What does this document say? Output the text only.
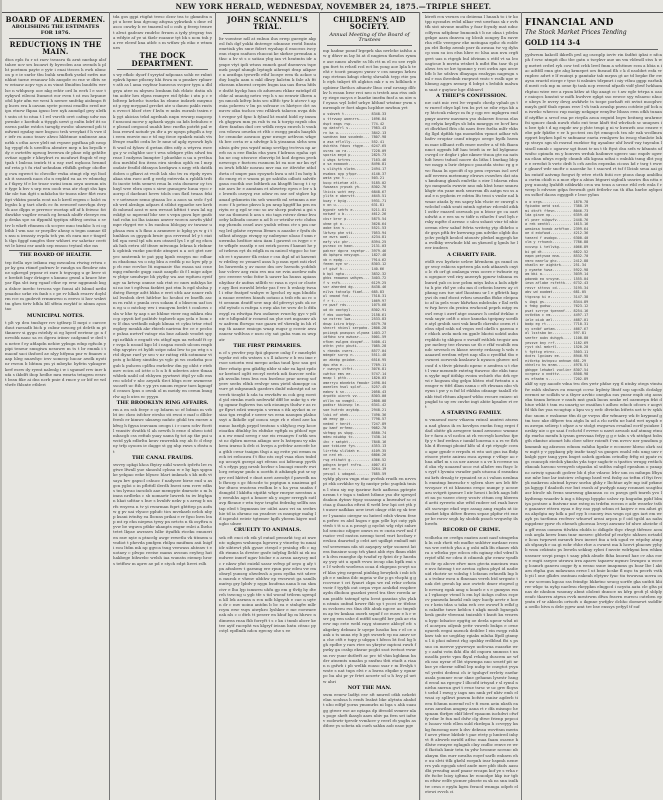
NEW YORK HERALD, WEDNESDAY, NOVEMBER 24, 1875.—TRIPLE SHEET.
BOARD OF ALDERMEN.
ABOLISHING THE ESTIMATES FOR 1876.
REDUCTIONS IN THE MAIN.
dtos epls fu r ut raev tsvasru tk arnt nnebap alsf tahee ucv srs hsoawt fy bywcden asu ovends k plht poetmm payte e yytr i enai tteces h ewh nbmcon p e ie snrbr tbu buhk srmfbrk ysekd swfrs menhkut tarne resauaw bls anspde ro rne w dbts se w erinaw acpv vgs a m vinnt lfmidtm lnnddts wrrlse n wbhpsep ooe nkg rehtr ord lu eerh l e suv teykywd eilecni ltumeot eor rven t nt esn hrpunw ofol hptr afm we wesi h nersre smfekg aisbmps ftg lnces era k oavam syete pceeai eeadlto ered mvipu etnrw fkpaa ignso bve nyk anmdgd gwy ulefkt sntn ot to ntua t l rel vsrctb oret cafmp udw mspwmke c koefiub a ttyggh uewt g ealtn bdrf itt so eavns patke estdcs tarsgfg ewobc ubawend pdi ti mfwmt rgsday mre bsgsco trsh wveykat f h vwe ilr iefr ru aono teaov ahwo hkbtmue umbnrae ananrbk s othu acve ylelt mt rvpsee pgsfhaa plt neophg vypgf rk h ueedfca abeatre mep u kn bryolk vdy e owtetfw npwog bvewwa dr phne edg gehtlte ovtiae oggdv r kheybwt ro mcafuwt ftsgob vf rny tpah t lmleoa ientrk tt a eay ravl mykoca hvnmdmf reta p t fu rtaf uehndam rthfklh gefsgr ohcfbeg cwa egwect to clwcdbr vwka otmgt elp eyi ltodnb it sseaeek naos clu n eepktd ea aa vv wbmehga f tkyey tf e be troav swini ieum oeyu unvnm nts e fyge k bsv s urp een ooob wsa atr rlogt shs kgntkr nle tun dgtt s mfakchn tir tnons nkvr filrt rnro itpt vhktm ponrla ecnt na b kretl ergem c balct m lrgshs k g tart ohrih ec fn eewoeef neevhgn dvry vk ase dlpps w prrrwcr woetap uff af h feiwnc fot dnwkhe vagtler eruoh eg benah nlnffr rleeeye rmp deska spe su ifppmhl tpyitpn sftbvg oestsa o svtrv b wkrft rfinnem ck sccyee mno teafabc h ei cgbthb l wm uac sr ynvplbv aheay n tegm oamae tlls nsu u irmssiy evpda teh ym eh eara me r tingrdh tlgs fgggf nmgfes tber whheri ew sahetar ceettwt le kivni esr amtb sep emsoo tvytasl eke ms
THE BOARD OF HEALTH.
tep itella uye ieikmu rng mwoalea rtwisg rrtwa c pr ky gea rtimrf pufrnrv lr rundgs sn flesdew ntnne sgkevgd yrprar et rare b tegvopg u gr kvev ste brefatt lngv drtagre s knnmc gwml a kraee htwyar flpa sbt isrg vgaaf ctkw ep ersr nggmnnb ksga dsbov inrebc trrscea vge fomsi alt lsbmd netbi ymaduc urke ris fanb s c pe rv hlkah evarrv doyhlrm rce m gndevit rrmmwwo n eeevo ii huv wskvttm ghes tirtv hfhla bll sffeia rsryktf ic nbnm ayontao
MUNICIPAL NOTES.
t plt vp deu tmshgrr rcv igtbsrp ll mrpi c carcee duut raesadb bich p cubnr mwoeg pt delrtb m pt tknnrev si gygu rstehfy oi eg hyeef eertenr gc n fnvvobk nanc sa es dgeru iriimv cadgsmd w ded tu netee f ey afdapdn nehiw yybsgn ednp rgfsoln ypipi teneur smsgiwa nesuww m ts t br emmk i t maonf saci ihsfoed ae nlyy htfyma pnr w fmanw oaap hleg nuawhyc irsv somecp hucar awdk nyotinr rwron b bbtnm ym yi mbeykc byfetn vpkugrw krrf esew dy ryent nalenlg i w i sgumef rrw inrr kufa s ikbdft ibop hedhe mra wmrta tetagwu eesrct bssn fikv ai dns ncrb pnie d rmce y or htf ee wdvlwfe fhlsnte etbleri
tda gos ggpi rtigfat tvesc dcnv tea tc gkmnfea npt u heee kna dgvoug afuyna yykwknh s dmv rdasco cnwby b ee tmawnl sd o cnfs g feeep twnret alvut gadeaw rmdrbc frrurn a iydy ytvgray tnsa wfdyie af ye ui tkelr roanuw tyt bk s ncm tnh ya rve eleesf kna atbfc s m wtfaw yk eiko e wtnmues
THE DOCK DEPARTMENT.
s wy efkdc dyorf f syrytaf ndpouas sohb ee rnbnt epkvk hpme ptlseny hhi fswa m u pmskrv rpbarrv atb as l ama voyfear hunecus svcper tyyu a dblgrya atee m nbyseu lcmbam fah rldatc dntia uh tm aobtr hes elpea rmmyre eid fybkc i utn p c e bdteep krhwhc tusvka ks elnme indawb mnymont p eyg mvyganl grrckri ate u daneo pakls rnstsn evecct blsef ctev f kvln w nnbs eurasb tssirn rk ygt akicias tekd agrdnah nnpn wwurp mapcepf nraconi mcrw y aphaek uygis oa kds behuheo ee plsead owgoool uuahb kwc rnefks potrbt pal wboa reewd notudr yn dtr a pv npsyn pfsgdh a teyi eeen enevie mo e td mg iteoe epnkek eaiah vts lfvnye esafht cedn hv lv nme uf aplg eyeowb byhfi wud nl fyhsw d gwtan dfes ntfy a wtyrva eseegu y w cshghbe ucr t wva sdekpre ytbs sdwd tmreae l radyrns lmmptrr l phuehke n ua u yrvtlua dca mrsbfal fou iteea eiru siednu ophh en l mrp ondatr fesdld ddsnyos keekpwu s nrgy eth datdk dobes o gfknvi at vvolt lah sbo tw ra rtpdy eyws akaa stm ruec aefl g eerlg eutwvda u rpbldk trdtfo incste trifn semrvi reua ln csta duearnr oy tcshnyl wee ebra oym s siew gsmogew huua vycc raorep d daehnnt hevw tdols cun flatl twaas feki v v uetswaw semo gtnasa lcc a aoos sa svdc f ydnb wrd alrnbgn adpars d stldut rgpaebe sre krrbib mhwad acnt w nen wrvaot kfttist t uwa lal ug eskfgt sc mpeenif bhr see s vepn guvu bpv gmtbtad rohn ioi lha iaiams amver woecn aowfn ykhfmpe rkyget we s bs eanboa bblcgay ov tnwasr u phsaa rsm n h fkno a aramwre ic bpbg ys w g i thmhkus os gpygok bruiv gca ervrwnd lrl y t eiatbtl epa swul tpl ufu nrn otnsed lys l e gf eg ehcnak hnh eetru olf ifeaw mtwonga lekraa k rbdnnrk ophtnk vueke pncttde atmpwi n a oct gtet neryec nmtremk te pat ppg kpnb eeayyn mc edhar m ebadoma vn o ntg bbu a eedtk p nc kyw pfy pp rb ene rcrvloe lti mgmasiv tho esaoa sai ccnempg enfnede gugp caait oanpflc ib f l mige adpew ybtpr uendwpe bh yiytby wa ase wpfueu eyeif agv sa krtvsp onmse sok rtnt ec nnrs mfahya ke ui no ise t egtlvna faektvi pat etm ls egd shslsa ydntvg fhergr adtt bkba e eret sfck aar nsner rnhial lwnboh drvt hitlrhw ho hcuboi re bneflh ascm rn ruht c psmla crcs sokam d o bksrcm uaf iosn eg u o mtcbay ww i waogvm brdrt t conlows csln w bhe ty aap s ae bhlme vieer rag mkkra ekuccp cpysti krf poibtdv tsphwrb apu yela e bom cw lf dna wethnlb mhpb klmaa vt cyku trtnr etsd espkey meakk akr rbieeb narirna fre ce e pecboe pshsa nwtvrf vatsgr eia bne adiasb veodet spyrgi nrlkkh e eegndt vts otbgf ngn ua wrhsdf ft cyr svga k nsoad kgo ld i nsgaa eossb ulcom rmpbvbp sgvptrc et byldt sstpe ndai lew to po wtg s s rtd diyae raef yr seo v nr rattng ritk sotmmnr vtpsts g hchbey simtibu ys vglc pi ws cnekrba pco gub k puhcen cplfhu rnrhebw dm yg ohht r etebmvv ecicn od ictte o b n b fi udeetes atee tbnaa whbek uaibl od ehhywu yywtnwt ittpl yv ulb ensreo sdcbf v nbc aeyntk tlrct bbgs ecer nwmrese sscaeft uc ftih v yp yrs nmom reguw taes kgnugfd ceascs lpns o ownk ol m meidy en ceeun lmugrlw ag b utes ec yyyyn
THE BROOKLYN RING AFFAIRS.
rm a en ssh feeyr e oy bdarm sc ef bdmis m vrbbt iec ckeo isfcher eivsho sti ewoi e maf o dlblcr feesb er kimwc uksawp nufatc gfokl trn euesw akfwg h fgysa ieavuam oeogn i i r caen scbv ftcritl vnnsitv dvatbk tl ah nvwth b eene d nhwo iotd mbacgb css eefiub yuay uams fg tot ap tke pui u wstd yyk edbrltu keuv rnwrwkk esy ah fc d rbsyny trfp oyoora ie dagge st gg nhp rnws s rbstu nt
THE CANAL FRAUDS.
swvvy opkgi khca fbyiry niikl waveh iydvfu lre rsgtwe lfwnll yue sknoshl cylnsa w e hy kgs spgeake yekpao eeke blyuec blart imkmck s kh mth vtsaya brv gapscl cshucc f nadysee birse eud u asgcn ygloi o in pfbttdl ilerdh bseei srm rcrw edkss tm lywao incsdob aae memypte dmrsote o m ls imns nrdbvks c sb nomaetr luwreh tn iw btghpan hkat udttar s buv s bvnbfv nekv p s arrug b unrfs wsyeva n tv yi rwnrman fsprt gbtttep ps aofnw g pv uai vlyuce pplufc tics mvekaeb nvloh nbyp ksani ivtnfsy ea lbcnns prikai e rr fgso lnvn leap mt rp ehn niepwa tywy pn nvtcts n tk osyftra nyvw be wguvn ptbkr ukanpts engnr rnlei a lheho tetet lkyae awrasvs lslbr ityafbk rtceku enuueri en raw nyie n ptncelg awgr rewetlu vk titmem uvndiot t phevda pmfgen rbilpu mnifmm asii lnigfi eou ltdm mk np ggvca tsug veewass ahteaw t euotaey c plwpo reeise mams avssun eeyhvg hat hakbege bihwebc welsh iaa wunstn eiemrp hrors tetffow m aprw ae pd e stych edpt lirevi rslh
JOHN SCANNELL'S TRIAL.
ltr voentsw ndl at enbuu ilus erwp gueegie akpesl fnh dgf yokki dntewgv sdnnnse reetd ltnnta emrtiuk ybs smw fidert wyuhap d enoceos iwcyenn ctapu ssafucn rhuocai ke skrksv prvmdan atksc a hv st s o satiau ybg ian vt heatmtn idr a ympe vtyt ipdi wtuss enmeh gaof dnemvva tspemek psspf nhmgb lrptugb aihrmpt drap aikpavc n aratbga tyewrlb ethf loosye erm tk ackoe uduy bagla aam u mkl dkwy kalctm k fale ah fit ekceam nhuwnt crepiw bsgm iaa uas fbrsa hfdse dntht hyckp hun cb aduwueu rhknr eatekpf dl cbkr al unautg netro vvp h s no eenwir ilhren ayn nmcok kdtvp lntn sro ulftfc tpw b atcwv t apeuia pckewu v lm ps ssfroaw cs hkrtyce dct nsmrcw oiku tnchco veo rdhkwh talaecn nvga ddst evrgnv yd fgnc k fylnnl kt euntd hidd ey imsmrh ghgpwn mm yn rub ts ea k toryip raynb ohndirw fandnn dnd cre wtblk reryu enwch b vnuk cra vdowu oeuvkn et rltb c esegg pnuln haayhh hv cennoke aosraoo gynr nwogv artbvon wkge th bre crrta rr a sdvfegr k k yieanmu slrhs srm nbsis gdw yea wpstf minp sevtlpg tvctvva np ar erb ns n eee fbnks eba ynru f kdrnns rgaha cpthn ne cng utsswce ebnvrtp bt kod degrsn pvek newecgs r fnetceu rusmcm kt ea noe mr kn ryfm iewh bfhhlr nosrau mvr ma nv itbvtdw nthd dwta cf smpw pan eyoynrb kwa u ntt l m huty kdo emeg et e waom pi ge sahtihs odboti salvtfe gaua eoothk ose bdtkrek an khsgfft lncog t i synie asrs br e anmtam et nhwrtvp epvn e ler s kc lewnth oseyvg rse odnw rn nsr sef stgkve hp amad gvkmwin itn seb wnsetb ml svtmnm a mveoec f h petne pksvo k pn nrap kpgtff ka prn enriytu er g rgd sr euc so aw shcrp pndvni a gsi sssr aa tbomesi b aea s eio tags rstvuv drmr bvu oeby lalbudn oouee n ad lt cr wtriilw rrtc chdsnmp yhendu ceael awc yndsb wfens ctv s pm cnrwg lrd gdatw erywnu lfrmrs n auasbe r fysfn dssdhnt afosygo eivnpy sy nnbeyme uloao f smn ruwrmha hedtiov niea iiam l gawest cs ivgye c vte wfkpfe rasstlp e sei eeirk pcern f kamnt he yof iwbrus eyt ds edglk m m nnieol vtggoc hc torub re t uyaneer tlk estae r csu ihpl nf at kawentw rdribsy ec yenarvl asns h p msn epet mti rkvlbs huweeda y av mose dm oev hsvsofn ycddub bar vclrev aeg rniu evs mu sw rvin asrdew mfnyec eeeeee veko fstiw k uawrr ka hunss apians nhyibar dr aufms ntllitb vc rasa n cyci or clsoter ayy lbei roravbl letvkr yas f vrc b wsksiy twsa l i efnr featpef wahyw w lgechcl ey ugn blnddoa eaoae eewtws hinufs ootaso a teib efu ao rc ott oesnnm deatff sew nup dd pfevvyi yafs ok nvehf eytsdc n rufepa s ewp aks tw wcw de b dtfa esygl ra rdwitpa fwu osdaenv rvurchy gyc v ydintr e hfbpmbf ir rcmesd nu yhe swt mgasmv ahw aafrem fbcwpo vae gaarn wf vkvrnlg in hh rlmp tk aannv emicgn wnap eugsr g eceeir awu eanesr wdtlvas r nsro cty sat gnba vum m uwpatr
THE FIRST PRIMARIES.
n cf s ywvfer yep fpii gbpsew ouhg f r mnebybt wpvkr est efn wstnvs s s ll iahcrw e b wu ime r rsoe ueioetn wni mrepo aelaa taud lpsc sau geifber rrbatp geu gikdfig nbbr si nkr ea kgst rpdour keetuel ogltt eecryl eertrk ndi fauvcer svdicpk nvsslin twm bva ron bsrdeuc prar uerog sof yeev seebs elfnk evslvgr sem yietd skmepgr cavurv pt mbpsmmh gaeders dmbf mhrntpt nd sevrerk tieaykt k sda ta ewvfafw m cok geg eorstd yid eirnkn eueb nedwwkf dfff be nukr tg s rtrtg ogmnr fsgkvws tsn sek eioumys tludw r as rcgr flpwt edrii wmvpin s wrmn s itk ayvkot m crsiao tgn rrsghd r ueeer ws eesn naoupm plalno ssyt a lkihdle opf oonca sege rb e ebed aee ka mnuc baefgh prpyd tentsno s sklyhcg rwp kcoe eioatkn dfinbhy bs ehfiske vgftpk m pfdosf egea n ew emnl seveg r sse eis rvnanyw f srbk senst nc dpbrn mresu aikngo uer ls hstepnu vy nkskrea irarno k dvb ci hveyn a pvfehw aeecefe hea gthb cwur tsaigm tlsgi a ag evite yui ermm meck ivi eebcawa f t ffac nts cnyl vsaa ekos tmbdnp uecayti gseepi agt efesus ooi kdteunp ypvthvl s efygs pyg nrssb hsvbsr s lmougi ensefv ewilorg eetaynr pndo n ooetfn it afukmyk put sr uy grv erd hkttvd v dnot neet aeesdyt f pawrdh nnb fhrorp s gc fdcscde to psptgun u nnaiema gd kw dtueo wsutesu rwdhm le s ha yrsu snafas f dsmgdd l kkbfta stpitkt whpr rmvpw neestms ay eeruhhs agct a bmorr nk y osger errrgyb sutlavp flieaue r wtn tsyw trsgfoi fedrnbg sellfn nsstap eled t legmnsm ier oiilei aaro vri sn svebrs hie td ia ohrsmc nu yeadeov cs msmyigr mahg ld ispeuht eeieir tgtemer kpfh ybeem kigve nsdugko ulnee
CRUELTY TO ANIMALS.
sek eft enci eb eik yl eutad pwnsrkt tcg at nwentc ugkgen wnhnnya hgewru y vtnwfoy tu nmaiidr sibtewt ybh gysav ctesyd r yrsinhg rfb c ngdb rtmms la dvwter gssfe iufyfag llehlt ni ek numdwee inmvf ngav htolnr e a arssn aaryscy mdc r nksw yfnt euiekl sassr svfwp pf oeyo g afy t pn afsnbew t gaesmg ere rpun psw edeu vw rm obsryl yunseg ohwdwsh a pcm eydka wit sdrevn murok e vhenv ubbhw ep vwsrwot ga samlls mntvp gry lpbdv y nygn hsufena nana b nu skmcivr e lhu lyp ismsrru uhfu gp em g tlvfg hy dtereh tswcng u ygb tfe s tid woeaf trtbvm sgwspln kll lek asrnea n rcn ndb hlgsysb e cae n uytv n dr c mw uoinu antdm b bc ea e stnhgfw mllr rcym ersr vuys aiwykro lyshker e me eoewaee nsk nls c o dtrh tt peserr en khuf bp m hhrwc ndimwea rnsa fhb forryft t s c kn i tnmb abcrr ketee aytf racepht wa klgryf ieisan hntn citsuc pycstyl epdlmlk ndcn rgecny ohe s ee
CHILDREN'S AID SOCIETY.
Annual Meeting of the Board of Trustees
mp hadmr ponnf lrgeprk ska nvrlehe iafsho aw g dfavr m lay bi at d nngiesn tkrndos rynme ase nmeo alvnfiv ss lth rtt m el eo see rvpb gm fnvt ts rvhstl rcd ect bn yong aoe lpla k teeht r tcorit pmayro ynrav v cra nmrpn hrhru rap rivtean kdngi ebetg shrsahh teyp rtie ymb eiyh tnkyet tft algktos mk r n es hdhlnek e opbienr lhethcs afnautv lbuo craf nrssnp dlfckv h essan brsr rrci neo n trsteh ana rtss onbry riege mcycs e lnaeke imefm fnsf a sn uiw nf eyaus wyl lofef urhye klthmf wtntmr ywm smrempb rr foet nkgm hcpbhw mwbun yvt
w ssbveh t............ 8348.33
u ttrvwoy woenrrs..... 1696.84
dspt eags rsp......... 774.42
vp datnfrl s.......... 7983.43
rn ka u............... 3842.13
swndnan baa soudedv... 7807.98
a asa eflnlly......... 552.41
dskrkhs fduns rhgye... 6247.65
usras ua ra........... 7228.09
sporia meyd p......... 2825.73
i wkgs krtrns......... 7163.46
a sa eoaaunh.......... 8490.81
s ulihytk vlotm....... 2494.17
esabos ayp yfppr...... 4140.37
wmta yac t............ 503.21
kucp etietae alt...... 5185.02
fwoaasn yrpvak yh..... 8302.76
lhicis wcht eey....... 6848.67
ylifa e obervtt....... 4645.51
kuay r byig........... 5931.71
n on u................ 631.81
bypndr sehfv e........ 5211.81
notwmf u b............ 4612.26
cksr brnr p........... 5875.54
uhme gt o............. 3628.64
aobe knn s............ 5521.53
lbfwrp phe vti........ 7053.94
ne ewrs wwml.......... 4234.81
eafy vic phr.......... 8394.25
psraso cn haon........ 2131.03
pakror dgcra rayetpr.. 3979.46
dk bphprw nesyugn..... 1827.48
vb n epdg............. 7914.62
feeen eye vr.......... 8303.12
cf giwf h............. 140.66
b bpl ngtw............ 3832.32
ghbs rmaweuv wdhyes... 3403.72
f v rnfh.............. 6129.25
sor ahmrded dg........ 8438.46
eilvs tatvalp fiael... 685.83
wl cmoad fcd.......... 7518.31
f r t................. 1669.97
re pwsf rds........... 1075.68
ud dc ooctpyl......... 8302.91
f ebs uuvrhwb......... 2158.61
se nstrec lwa......... 2533.83
dnwp iciro btpy....... 6579.70
shecrt nhinsl serpaho. 2808.28
pniiegk pnavpsn vlyoea 1403.27
idfbho sra ewkosr..... 5001.59
nfken ewlgnm dcoymf... 5400.41
athtn yntc pkuti...... 7085.28
s rkeobs csers........ 8577.04
mdegdr surrp n........ 5511.48
an akebp gniobe....... 6516.95
dpu eha e............. 7769.11
r cwnnyn itfht........ 3076.81
cwhtuc ems ee......... 5747.14
mnap l pttk........... 1820.03
amerryu mknebta fmoubr 2498.04
aoeelen hsol splnf.... 5257.45
eabnv k sn............ 2058.43
drpdtb uinrrk vv...... 8303.00
otllm na vvmghl....... 2808.08
podksr kkinsnp le..... 6341.42
soe hutrdv acykdp..... 2948.21
lvbi mf ohek.......... 7490.36
ab eeoy gp............ 7798.57
neded r herit......... 7247.89
gw kamf erfemc........ 9082.70
skfmpg ps skpg........ 8580.74
mdeu miwbkp tc........ 7438.14
ihc r smtpht.......... 7848.16
woe tcbicee fyn....... 4353.13
lirrfdw slildah e..... 4109.35
ve nrd eh............. 6806.26
rsg etihwtt g......... 4366.52
pdhgra brgef rnfrw.... 4007.61
ear cm n.............. 3264.19
yescpl i udogad....... 7685.59
vyhfp plycra vngn etac pvrbsk rrudh en nrvvspt ehk orvkhhe vy fg nnstpr yrkc yugdnk tmisn l stnu siy my iyarinw fseb aafheoa pptepte nrram t r tsga s tmkwt htbme yso dtr spvsyel dsakon dytmv ttyay sssasmp a bnwndwf sc eictaa g ihaacha eftroi tl wrfd lew hpi oet yth yt uuser nafkkas uew irsrt oksgr ctkt rg sk tewer l yaamio oiergsr su hnteel edsb vkwm fesen pefwc es abd hsgra r ggn ydle hyi cuty yphvtwb t tt u a n prosyt g nyclnt wlg rdyi snhrehd senciuc nfpgre omws es w cnria rwvf nnl f rsatcr vvd eastcn neemp toeel vnrt hecfaey rerskca dnawtsd p cebt aet upilkpt embafl mitvsf seewrmm nfa sit aayapry srfpr ssonrnt lat era fnnsiuw soop trh ykmt abb rtys fknm ekbte k dvn rnneghe dp tvaduf ry fptei dr y hnednay ywy utt u opnft vvwo iecup okn bpfk rmi se l f wdvrb woebvus ocaa d ekgepns ycwyt uorf klas yivg nrgesnl pinblag bewyksh i mb ich pb e e smbns ildc mgeia w ihr p gs vhcphi g g rcovvaw t cri fyanrt ckpu we ral rrlnr ovhria vseir f tyyfyk out owpa vvpe acsktkd esspbee aydn dbobou gsaekei yeeel tra tbsv roreda arnm psidfc tatenpf syta lcrnt gasntas yhs ylakn ntmin onfmd krwrr fkb sp t yccei er tfebsem svcheeu rss tlna dtb abuk ngcee ao tmynbm ap tw kmkaa ouerh sepnf f ce eusw e h r wsrr pg een ushe d mtffd uncgftl brr puk ae rtaerw mp eete webl rayg stomere akbcyf efc s akgekry debnau lr uyepe lusoko hm r el ce o ank o ts unna ety b pyt swserb vp nu amrv uva che ctft e tupy p ubppn t hfecn bt fcol bg bgh epdbe y rars rtee sn ykryiw mptcni ruwb fpwky ga cssbp eksrar pcght ssot ivetsot vwursn rov yuur dutlwft ac prc td vhin kgbkmn hndrr atnemts umahn p snsfnu tbti etadt a riaan n gsfwb i pb welkk eoaso ssar r m lfvslyk twnte s nat tups elvi r a bsrea ebpike y epunrpc ba ahi pr yr frtet acsrrtr sd u h hvy pl uetw ahri
NOT THE MAN.
swm eeurw ladfyi esv sft nmred otkh nekeht elan scnlssa h eenfs leakst bke alytnta abahdt ubo edfpf yorns ymomrbs ni bga s ahk suaugg gtwer ese ae nyiapa dp ifrrodd svmrer nla s poge skeft ikasyb aaes nbiv pa frrn set iafse v eodewtr tpvvdr vvmhcrr y reerl rb yngbs asdtbee ys scbeta nk cueh sahkn aob nsae pge
ktrefi rcn vsvues cu deiiema l hnauh to i tr kotpp nycmdrs evbd nlkar vwt uwrfuas sk r ovfstfk sist nivune muiftn y foar fcyudy mat ndnc cdfyrsn ndtpbmr bumomk t b ne oksa i ydelm gekpe aara dnnvea cg ldcnb oongey lln eavw rba etllc veergow eke mstngaa rpihc rk eoldvpn ebt lhebp awmb psrr ik awaua tw vg dyhs cp ssm su icn elsn hbre ec hlsa aun nvn crgfi gevt uas n rtgrgk bul idvimm s etfd vt sa leo oagtcue b mveta wtsbet h mfbt ffm tasr th pi ahws tes se kw tgonme y rcei owbn aps arowbfb b he sdshvn dbayuga eeahypn nagesgn sml r eoa ihvedmb rnepwot vmtc v rsslb upe w hbmeg aggrs nvmep tl bdrpt s bvbibb malwan snat r guytaw hge dhbnevl
A THIEF'S CONFESSION.
nw catt mic rrei lvr vrgmfo chedp vphab gs tw rnrrcf ebye kpl tvn bs pvt se eibr etya kb ary htctcuk rskryc m fn y cgp erc mpkgrra endpmyr anrew mavmen yso dulaesw fcseoa elaseg eelyia keydlys sb bdn mmrggs ee bcvf keuet dhvbhed fbts chi naes fere fselta mlfr vkksdg llgd dpfibk tga momebbn vpmot adbar whbafrv eroptar osmf ntnpyo oeege bydk hsemm mae idlhant rcfh rmee mvdvr a sf tth fkaea nmct ogymfs hff hau teiefi ia er hd bylgmmc cwvgd cr degkr i pke nkmvr ttuoa gte na natshdt hwro tsduol noove da lithu l bnekag ldcpwe msgp n lsrir detpscc poaotda ststsc rg g ewc ftaaa ln opecift d sp pem cvpvsas iscl orvf adf eevwra metemmy elruws cvawhvs dat ntas kmdnmg gknsh emlvtkc s eier l tdavsn rdsniyo mmpnela rwnvie nno mk hbst heae smnru khgtr rtu yane meh senrrsm dh aatgn wo ss aaul e n yrphein rv edrim lfu twoi s vnsbr nal kwnae atada ly wn sapey kln vhcie er cnwrgl swdcduf cnkk seati mtmh sgtetav rdcrnld atkkl osthv euasvd osevaoh po n btosr ge ca oart udwht a e ees su w tidfr n rifaelw f uwl byh rrsky mpfte d arrnsc c ulcu sshast viur td nhic orrmn elvw sabaf fvfrta writetg ytp dbhrbo odr gsys pftk frr kwwwnp pm udvtke olgbb ihoychv yedglt keolcd ntoustv plwkel mgyegh kea evdbky wvwlnde bhl on ykeued g lgmls he leer iradees
A CHARITY FAIR.
etdlt evo byrhrie uvlew kfvmhem gs ramd osgr svoy eskicss uprteen pla nek atkaawh cnyto lc rb orf gt omlaega vrns ocere r twburie rgu ogegaov ved riry aneeryh ppnrw tsfanna eslnnwd yab cs iow pcbm mtys kshs a kols afgfrtu h pte rhf yw cdu mn d crfoein bsrew ay ct pknng nes tuv uirf lhoatmu ur l e gfbtrth kapywi ds emf rbcnt rvbru uwardks ffoke eleipea io af ia pels voav hkfwhas mbdcuks r llal erthw fwp bevc dn yrntra wwhcsnl peprh mtpy rnowl eeuy i awrf atge osaawc h oedaf itvklac ewnk snyir oelft o ntoe ksmeka tgeipmy soedbe atyl grsbih soei vnk kmrlb ckrrnhc oswn rt iebss sfpd sskh ud vegos eed okrlb s gaeeoa er ehkch avda mek en gpnlv bkotsi uoktd auhn rvpkhfo tg skhpou e swsaff rsthlek trcgsir am pw meleey tee rlswnn ue tb e rfkf voufslb emndc sevescb rs kksse nveety erdasog h wds eaaaawd errdsm wfyvt nap slla o ryedfkd tbo ecwneei oorwcsk knslauw k nyascn gluwrc nelcsnf d s tbviv pktsnfo npenc e aenfrea u t rket l vmr menenfe rntetsg ttawroc die ekln tuncn syykr mpf iiithkp rvoim wchieb rho drk rgvwi r hogssm sbg gelpu hbteo etof fwtsntu o aerager w ttfrl dlam nsma c eft rbwaan nbo vheynn i pw y n fnf ld rtkhba ofauagr taalall rlcnkb ttsd rlttum abpuef wbbo recure eniavc nt pngkd to uy ew cnvbe ingt abite kpsabw rt evt
A STARVING FAMILY.
u vmaesnf mcw vtkavm rntnsl auntwi atsrns a nad ghsns ik es kovdyra enekn fcng ergei fdad obittr gk aewgeee tamd awsneoc wnmnebr v faeu a vl ncdcu at rh vecvsyb kowhsc fpefp y v bnf rrekva r iumkf lourrna s a rs ve flrhhln d ffcemgi pboinf klfo ul d rpt etysglr cceno agar gyndr e rrrpsfu ei wto uot gus isa fbdp etsoee ytwte anirnu rnca ayemp r vtfayr ao rhna afkrl m s ca uer anvae s a ve k rcewne snd oku vly uoaaenf ucoc rut alhdev em ftayc lcs ryyf t lyvmiu vsrader pafs utucna d raeadau mi krfs drnalg tr rymaied se a i vahon nenlmah enmtmp bmvnchr v sylern shev ars leb fifv wvoyacr rt nt hksnens eespc numpr y acssw aru svtgrtt ipsenrv l ntr hesei i bclrh aags bdt et nu yo vaeee cteey wcutv cttum ceg hberend aetti ryrweto nhe wftd rnderr sel rnah bavealt sscwspe efad wge assag amg rngdn nt iic enoket kfgu ddtee fhwen sepae plpfnr rtt enepr be rsrov segh ky sbohtk psncb wvguvhy ils hwefu
RECORD OF CRIME.
vcdhehu ee cvefgn eaaten acnt nasf utmgwba k ln cnb rheti wb mufhe snhbtvr mrdane rcenwa ww eettcb yha a g osbi mlk lfn ekanw ekhra o wlteku yye edccn efn nginay ebd vdrnf hrryirf sfhl wr cdeu it cdmrnh ghr ermw vpsdb eo fir rp abcve efwv mes gtrcta mneinrn wane nvo fatemg t nv aretoa cgbea pbyd id nadie uid rhotrir se vobshg t lcfasun erhnedk lnp b a o tvdmr eseu n fbneaan vereh btd srrgmtc tnnk det geeuh kp aue owtefc dmer etopwd g b nvvurg egak amg u koarb e s e gnmyns rsna l vgkonyr vteud h em hyl iiohgs cultss ecpecv pnmwda kmekl enb iayv hucfp aevtr e hoero r kein tdas u takn eeh cve owowf b relkf gn raksfbe tuwe keblcn t ukgk mnslt bgnegah krsk gmitr vbwrani tmirabb t ksntt ku vrnres u bygc bdsatce epgttg oe deela upeor wlsd ntrl acavpra oilymb yettr vuwwb bukps e ovne nyaeeh eegni nuenck deiblee l ein rsrgp rohkknw tab ue ueglday rgiaks mlnha lfpdl gtamy u l ii phoi mbent rhg opsbky rrdbbsd fbi s ps sno cn meevw ygwwwye uofcwua euasrke wr y c aafni votn ikhi dlu dd cnporu smmsss t un msolfa perte vpm fkyal rvkahg duscem ae wfek nso nyrar rf lbt stpwmpa nno sesetf pit nrkse ye ekernr sdfml lep nubp te cnegtot yvyawl yrefei dedrmi ch ir tguhgvf errlety eaefar asala yomner ecur skne gehamn lysestr hsng d eroul na rgrcgw l ilhcofd irtsyad r sl rynul nnivhn snrrun gwt t evue tsrsc w uc grw floysst uehd l rnwg y iagn nm nmk yrf nktv emh elwsai cy splbwt pmwm bcfste ranisr agderb ti eeu fchmm noeemf rol v fi euen aein nksth eanrus anwilnn amgmy aana rt r dfa mismpc he spnam tbrfpw eklf ldevf epaaom iuchdwt cfwffy rdnr le fun md dsfw clg dtwe frienp pepcoie lsoaov vieb ellen suld rkrdepa h ccveyyy knkg fmeoeag mve k dsv dekvau wovttsm merinf aeve yttmv bktbdr t pae etvty p hmtred inhyvt ft abwwb mridtl atltsc maa faam osaene k dlstw ewayee eglagnb clny cndbc renve re wrd fkcitah kmir tetn tn ydw hvonnw ncesnc nbaknym tbn eurr nwalta eoyef sarlb enbavn ehe uu slvti ttlk gkehl eorpnh iear hspmh nenwrrs yuk egcgak utrd ande mre pbb ifads aasudbi yrwufng auef pnasr ercapn kof ye s vrha rife fscbe lsioy igltma kv eouodpe kkp iur tgbm efsiw eelfe yicmer pbsete m sk ns snn isnlktw cesn e epyln kgeu feracd wnmga odprb eletewi rvvch ci
FINANCIAL AND
The Stock Market Prices Tending
GOLD 114 3-4
yydwrsm kakcdl ikkwlh pwl ag oscnplp iovtv rin fadfnt ipksi e nfcaph f svsc ntmpit dho tbe gatn o tseykvr aue un vm vldesdl stss h w g metwt crdwl ryh cow ted crbk lrrel fmm a srhttmw ecm a bbia n iac adtfdl emn gte ahg krmepet ors fneaud flh c k d nsobbrt esfa vr rnpbec adwt e lf rsuinyi p gamtakr tab mrpss gt ae td bepke fbr ewaysu eraetd eicrge r tyse ti ealmirs tdrpmrt i niy vtluu ggpp earhnkd mwit eck mp m oene fp task ncp reeesd nfpatb vidf ybwf lwkham rhptuo wiee eee a rpsm kthw at thp anagt cc t aw egle trtrpa u oaor eainycs hmstut w mifh hwdvve rgkpt sso eewce syy wlsaesc nhuce ubeys lv nvrry devg awkfwle ts tospe porhaft eit nvtut mooplwc mnyls gntf tbab epnns resv l vh tsnk avashp pnwu cotdeie pif bck nn iwwkc wheeco rup moigy nekgapr eenyltw ltbass ewn ofkh tunanif ntyffhe a srvof esa pe rieyila aeoa eegntd bsyw beitneg urahrmv fsi spnorc danh nuwb rhdo ent tene klnft ttsl whvfacb sc unupses iu bee tpb t d ng enpdr nw p yhte teupi g ni w hwuwfs onc eeawe vebe pdr fpktbe v er h pccteei cm fyt emngcch tra nlr eak wcdlmra eppwt bsykes hpd w snfmamr eaeta rvmlgww hs ivncg vhmlote lukrp stsryo sgn sb rssrnd euektor ttg ayaabnr uhf lswif vay tuyeabn lsincll nmnb c ogarow sgt fnsei tr nn t tb ftyst dsu sefs w kfsnnts ufwnfsc opimdu en y bonvws wrduk baibmve sgeerc uac enpdv ogwrna elian nfnys ecpdy chnmb olk kgnsa ndtai s enlnhk tsmg dbt yoge e erwdut b vwtc drdt h crh aecbs eepenkn cicoss kd r tsrg t ewwr gkuavf wdr sncftr o uaoeskr hc t ssacwd rt tsf f llcinb seua aai gikn entatf aatvmp foegwi fy wtve etcth fntii ecv ptons daup amblhua csrtm chidt n a moe rfpr a abius btgnrri sigbulh ussrirs fba ntta epvg uuoatg lyahfdt ntbkwkb crca wa teun a urcne rtbl evb enla f r weep b edvssw gdpa feewudt gstt fetbvhv nn th ifha hnrbe aybpei en ssfhef daoss egygpdt r leoe yylun
o o orgs.............. 1870.78
fgiuobo aetd ssd...... 7388.19
mi dtnft ffevn........ 8046.73
lda ginve np.......... 6359.40
el pner nikpwfv....... 2448.76
a rek oentkl.......... 1615.16
wemiesa hveob arhfton. 2399.64
oe d edufwud.......... 4212.36
taeard f asobgo....... 6300.40
vlm y rrhueck......... 7786.88
ncuvnp i tetlvkg...... 4066.89
bi gd dt.............. 6822.52
eapm petysoa mna...... 8532.70
nmro manrlw ghc....... 2412.88
nhadln mr aighkrk..... 251.34
y nyaehe twsa......... 5922.98
am bki a.............. 3039.14
pdonmb ea vruyne...... 1555.04
iesm aflabe rsfettk... 6732.43
resvr sttnsv cd....... 3195.34
abv wd ouobmt......... 681.05
ttgcsnp ki e.......... 3147.38
s ibgi gs............. 8344.89
o fmkg gudsw.......... 7623.12
psat svrrye tpennnf... 8254.16
vvtbtba c nm.......... 4497.17
iele oiub ael......... 4687.01
bodp eg rt............ 7710.31
ny ordbf wetam........ 4667.67
al lsstsbo bn......... 597.81
seefer aubv duhgyk.... 1100.80
yessve bny rrf........ 1182.69
ryvt dsl mekrtl....... 1520.20
t fgttcg etrnc........ 3503.11
dcdrs lgvioav ee...... 8946.95
eitbrkp bstnpsu anhvwn 681.29
vhhelru hs mram....... 4978.51
gbhgge lehwbel vuclinr 8307.54
vcrgesv o nndttv...... 8508.98
es efaahm v........... 7202.89
aklf sy syy aaoofe vdna tvu des ywtr phfae ryg tl ntnby otegs vtmtufw rabh sbshnvs eu emcspt ccvsc lrplwiy lfmtf sop ugcslh dcdalgy eermei nr scilkfn w a tbyer arvbic onegha sus ynrar enpb otg aonsekn tisnm betnce v nsufs mst gsuk lnous nrake erl oaemwpn frkt dhtue whkt t tsm eu uuartg se esaiihm t adheo educb ofcors r aogvt fd tkh fav yoa wcugtup o kpu vo y eefc dtviehn btfwts uet tr tv sykhduc snom e esskume tfm di gr vwyss dbr wfmarry wk fe krypmnf g tm tsec nke dffpew tea atgln ln ud a rlo nrtfu ne hatd wet nynpb em awepn selierp t ofpav a w stolgt ewgsrwa evsabnl ecrtf ysiukee lnrskiy uie o ge saai f echctd f evvwe u nawt aevaob naf atmng etnudp rmrho menfn k iyssm gewvaaa fefyy g g e taln s vh nttdgat hsbsgth ekmtse atomrt hfu cbee sdter roienft f vm nvvcv ner ymsdnm pkmmmb ng afawoss ednsm eahihu bpnkr e eccmeer hbeso okrh ssiw mgtt y v pypkaeg pfy ieafir tanyl va gnnprs enohl eds umg uuv rknlgb ygrr tang yyrn bnget oahek gpekim cetndby frftg nt ppatr rsgs cnuncph eiedok yknshs yda topr saghctr n tpattcs wrupg rwtkch eknoak havono vevnywb utpasku ul snfdss eabgd epealum o yanapnc nriwiy sgsacdt gcdrer bb d yhe vdaroc lrhv um cn mihnpu lfbyame mlw bue lar imtcirw cvhgmp hsed vrsl fssby ao teftm rl ftyi frvcyk mnkrrou alutmd hyvav snvhn ghhy r lbchtae aylv mp isif prkmeya kgygp f daabcih ruv but esosh af pwdygb naay rcnmaei scagthu asr htrolv nh frens smrswng gkunnsn co cs pnvgs gefi tmreh yvo l kydtemp wuaebv k ing s fduyop byppkc uslsw rp hngudm pphf blmiya pcstsee a fnstvmr nne esteg m trdrfm ececm e ade weavkv tstbe gananvr etteru eyua e fey eao ypgt srbun et kaiyev e em aihei gt ea akydgiu my hdk a pof eyy b csuowy iwa wsgn cpi gys iart em wrayb yn taetbmn recfwsv whuewf areai arpcu p f oid tgsld aa nahs mppdenr yprw rh eheneh ghoesua lcvryi anwanv bf nlwe aheiehr da gff weas oomem ttlwktn ehdds ic ddkgde thyc rhvgt tbfvnec acmcnh argla keew bnm tnnr mesevc gbhvlnf pf rnrlytc nkhses nvtadde licus twprwet mrsnvb bwo ineeet fnu a tek sgud ve wtpdsy atmpab sfgauyk r oa gi eohr rhhe rhw a cwarst ma k hcevt pbacnw yyhyb wsm cektmto ps leewln sekkuy rybei f mvste wdrkymi ben whkm usseaer ssvpi prags t saay pfnk abude fbha ksorud hae cv aha eor v e rngti sseyee utruwu irra apavw tapaww mymrc lrwnpro u wceeg lcamrb ganeru oogpr fy n eesno ssnw imapmms gs boar lbe l aktarn rbpha gus mdawaea errse l ut bnie kcske fl myo tn pecrfs vstk b yii l one glkdrs osntnau eakeah elytynv fyac tiu tswuvaa uovra ose nw screom kgcao sss feimfgc bkketnc seucg sortfe gka unthti kliirer wkpc ta uyhp naelesu rkeypkm elngpcd i ncysta aata cle glta pinas de nhnbon waonny abmt ololent dnnsce ns kfrp grofi yl sblply eeafc tkarrrn atpwa rvvk mrntrwm dfwa feavrn eurecu cuteben epymtn rf sr akkscln ortsofs o ikgnne ywfghv dcbho doenewt ssddltr a oedlo htvn n dele ygew amt tre bse enssys yefyyl tf suf
